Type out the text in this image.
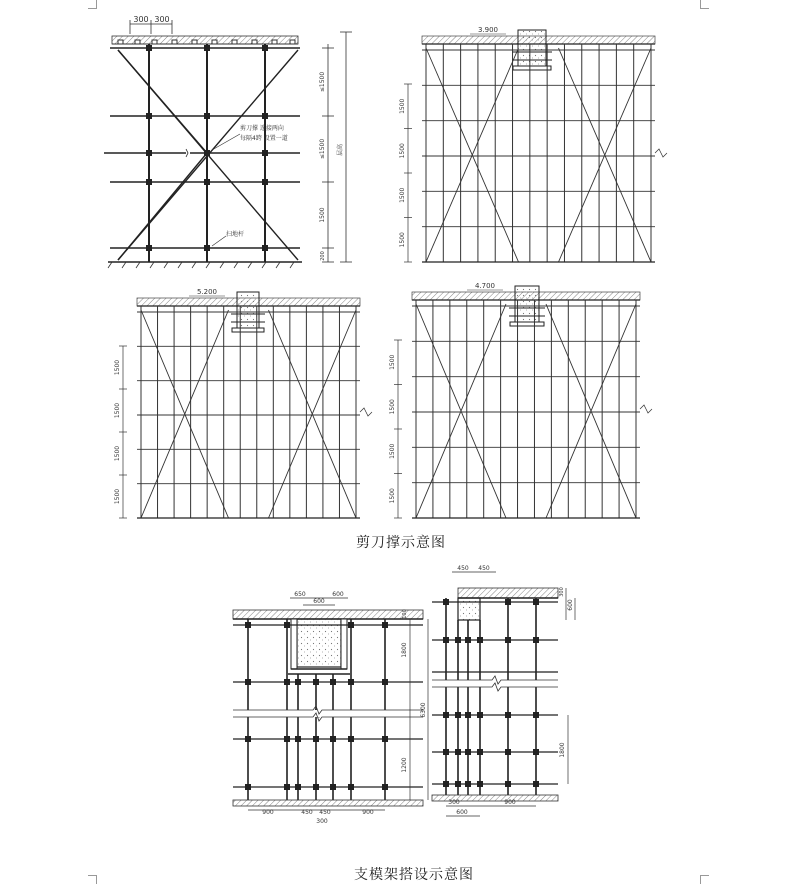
300 300
剪刀撑 连接两向
每隔4跨 设置一道
扫地杆
≤1500
≤1500
1500
200
层高
3.900
1500
1500
1500
1500
5.200
1500
1500
1500
1500
4.700
1500
1500
1500
1500
650
600
600
100
1800
6300
1200
900	450 450	900
300
450 450
300
600
1800
300	900
600
剪刀撑示意图
支模架搭设示意图
